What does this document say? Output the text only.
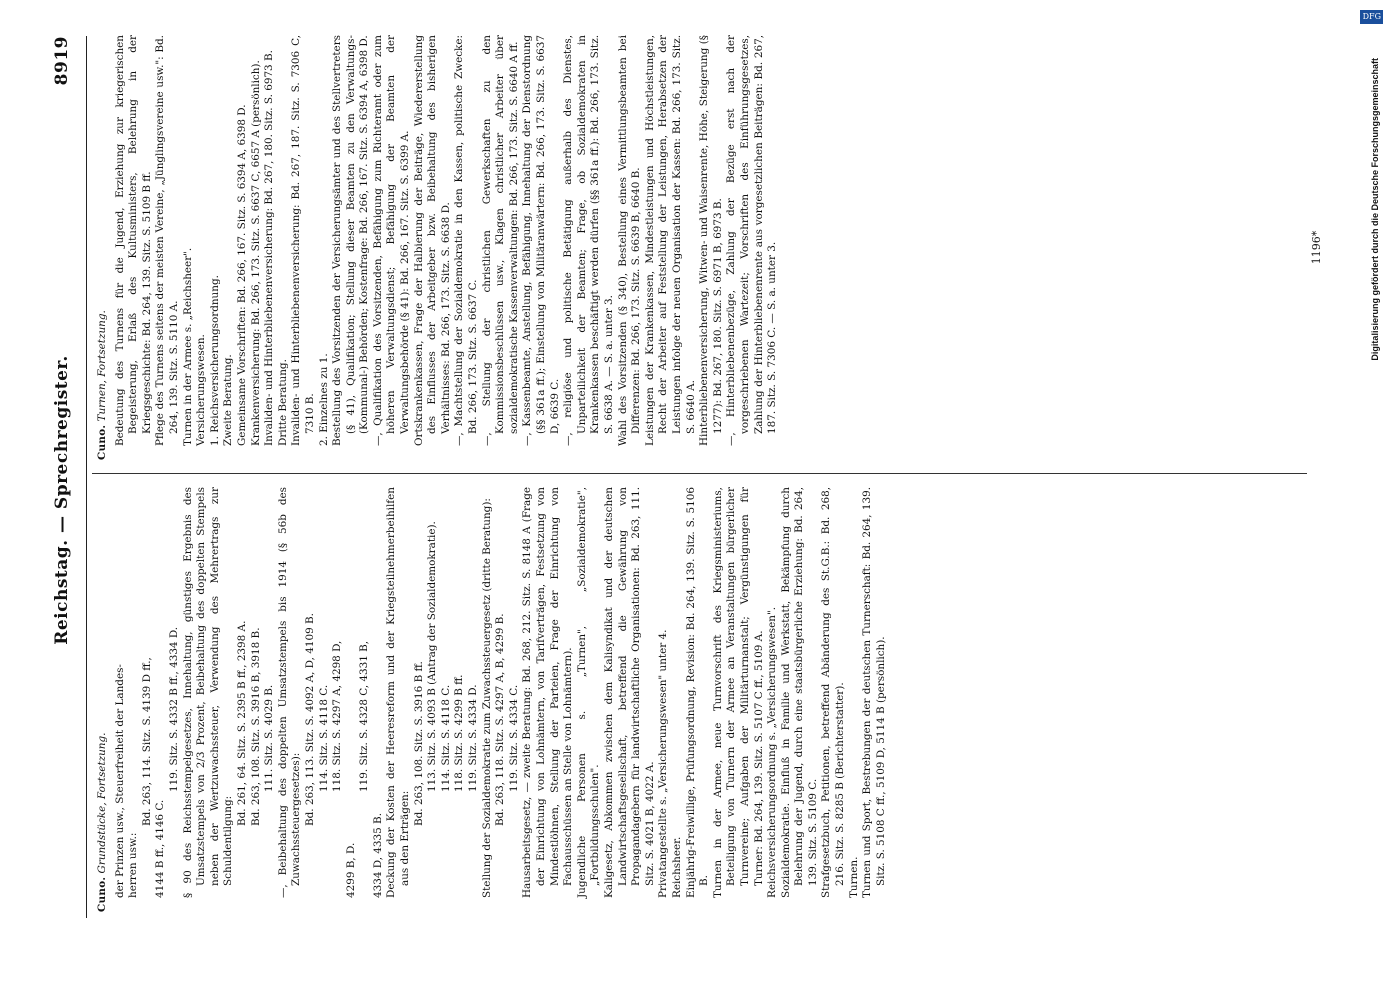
Reichstag. — Sprechregister.
8919
Cuno. Grundstücke, Fortsetzung. der Prinzen usw., Steuerfreiheit der Landes- herren usw.:

Bd. 263, 114. Sitz. S. 4139 D ff.,

4144 B ff., 4146 C.

119. Sitz. S. 4332 B ff., 4334 D. § 90 des Reichsstempelgesetzes, Innehaltung, günstiges Ergebnis des Umsatzstempels von 2/3 Prozent, Beibehaltung des doppelten Stempels neben der Wertzuwachssteuer, Verwendung des Mehrertrags zur Schuldentilgung:

Bd. 261, 64. Sitz. S. 2395 B ff., 2398 A. Bd. 263, 108. Sitz. S. 3916 B, 3918 B. 111. Sitz. S. 4029 B. —, Beibehaltung des doppelten Umsatzstempels bis 1914 (§ 56b des Zuwachssteuergesetzes): Bd. 263, 113. Sitz. S. 4092 A, D, 4109 B. 114. Sitz. S. 4118 C. 118. Sitz. S. 4297 A, 4298 D,

4299 B, D.

119. Sitz. S. 4328 C, 4331 B,

4334 D, 4335 B. Deckung der Kosten der Heeresreform und der Kriegsteilnehmerbeihilfen aus den Erträgen:

Bd. 263, 108. Sitz. S. 3916 B ff. 113. Sitz. S. 4093 B (Antrag der Sozialdemokratie). 114. Sitz. S. 4118 C. 118. Sitz. S. 4299 B ff. 119. Sitz. S. 4334 D. Stellung der Sozialdemokratie zum Zuwachssteuergesetz (dritte Beratung): Bd. 263, 118. Sitz. S. 4297 A, B, 4299 B. 119. Sitz. S. 4334 C. Hausarbeitsgesetz, — zweite Beratung: Bd. 268, 212. Sitz. S. 8148 A (Frage der Einrichtung von Lohnämtern, von Tarifverträgen, Festsetzung von Mindestlöhnen, Stellung der Parteien, Frage der Einrichtung von Fachausschüssen an Stelle von Lohnämtern). Jugendliche Personen s. „Turnen", „Sozialdemokratie", „Fortbildungsschulen". Kaligesetz, Abkommen zwischen dem Kalisyndikat und der deutschen Landwirtschaftsgesellschaft, betreffend die Gewährung von Propagandagebern für landwirtschaftliche Organisationen: Bd. 263, 111. Sitz. S. 4021 B, 4022 A. Privatangestellte s. „Versicherungswesen" unter 4. Reichsheer. Einjährig-Freiwillige, Prüfungsordnung, Revision: Bd. 264, 139. Sitz. S. 5106 B. Turnen in der Armee, neue Turnvorschrift des Kriegsministeriums, Beteiligung von Turnern der Armee an Veranstaltungen bürgerlicher Turnvereine; Aufgaben der Militärturnanstalt; Vergünstigungen für Turner: Bd. 264, 139. Sitz. S. 5107 C ff., 5109 A. Reichsversicherungsordnung s. „Versicherungswesen". Sozialdemokratie. Einfluß in Familie und Werkstatt, Bekämpfung durch Belehrung der Jugend, durch eine staatsbürgerliche Erziehung: Bd. 264, 139. Sitz. S. 5109 C. Strafgesetzbuch, Petitionen, betreffend Abänderung des St.G.B.: Bd. 268, 216. Sitz. S. 8285 B (Berichterstatter). Turnen. Turnen und Sport, Bestrebungen der deutschen Turnerschaft: Bd. 264, 139. Sitz. S. 5108 C ff., 5109 D, 5114 B (persönlich).

Cuno. Turnen, Fortsetzung. Bedeutung des Turnens für die Jugend, Erziehung zur kriegerischen Begeisterung, Erlaß des Kultusministers, Belehrung in der Kriegsgeschichte: Bd. 264, 139. Sitz. S. 5109 B ff. Pflege des Turnens seitens der meisten Vereine, „Jünglingsvereine usw.": Bd. 264, 139. Sitz. S. 5110 A. Turnen in der Armee s. „Reichsheer". Versicherungswesen. 1. Reichsversicherungsordnung. Zweite Beratung. Gemeinsame Vorschriften: Bd. 266, 167. Sitz. S. 6394 A, 6398 D. Krankenversicherung: Bd. 266, 173. Sitz. S. 6637 C, 6657 A (persönlich). Invaliden- und Hinterbliebenenversicherung: Bd. 267, 180. Sitz. S. 6973 B. Dritte Beratung. Invaliden- und Hinterbliebenenversicherung: Bd. 267, 187. Sitz. S. 7306 C, 7310 B. 2. Einzelnes zu 1. Bestellung des Vorsitzenden der Versicherungsämter und des Stellvertreters (§ 41), Qualifikation; Stellung dieser Beamten zu den Verwaltungs-(Kommunal-) Behörden; Kostenfrage: Bd. 266, 167. Sitz. S. 6394 A, 6398 D. —, Qualifikation des Vorsitzenden, Befähigung zum Richteramt oder zum höheren Verwaltungsdienst; Befähigung der Beamten der Verwaltungsbehörde (§ 41): Bd. 266, 167. Sitz. S. 6399 A. Ortskrankenkassen, Frage der Halbierung der Beiträge, Wiedererstellung des Einflusses der Arbeitgeber bzw. Beibehaltung des bisherigen Verhältnisses: Bd. 266, 173. Sitz. S. 6638 D. —, Machtstellung der Sozialdemokratie in den Kassen, politische Zwecke: Bd. 266, 173. Sitz. S. 6637 C. —, Stellung der christlichen Gewerkschaften zu den Kommissionsbeschlüssen usw., Klagen christlicher Arbeiter über sozialdemokratische Kassenverwaltungen: Bd. 266, 173. Sitz. S. 6640 A ff. —, Kassenbeamte, Anstellung, Befähigung, Innehaltung der Dienstordnung (§§ 361a ff.); Einstellung von Militäranwärtern: Bd. 266, 173. Sitz. S. 6637 D, 6639 C. —, religiöse und politische Betätigung außerhalb des Dienstes, Unparteilichkeit der Beamten; Frage, ob Sozialdemokraten in Krankenkassen beschäftigt werden dürfen (§§ 361a ff.): Bd. 266, 173. Sitz. S. 6638 A. — S. a. unter 3. Wahl des Vorsitzenden (§ 340), Bestellung eines Vermittlungsbeamten bei Differenzen: Bd. 266, 173. Sitz. S. 6639 B, 6640 B. Leistungen der Krankenkassen, Mindestleistungen und Höchstleistungen, Recht der Arbeiter auf Feststellung der Leistungen, Herabsetzen der Leistungen infolge der neuen Organisation der Kassen: Bd. 266, 173. Sitz. S. 6640 A. Hinterbliebenenversicherung, Witwen- und Waisenrente, Höhe, Steigerung (§ 1277): Bd. 267, 180. Sitz. S. 6971 B, 6973 B. —, Hinterbliebenenbezüge, Zahlung der Bezüge erst nach der vorgeschriebenen Wartezeit; Vorschriften des Einführungsgesetzes, Zahlung der Hinterbliebenenrente aus vorgesetzlichen Beiträgen: Bd. 267, 187. Sitz. S. 7306 C. — S. a. unter 3.	1196*	Digitalisierung gefördert durch die Deutsche Forschungsgemeinschaft
DFG
